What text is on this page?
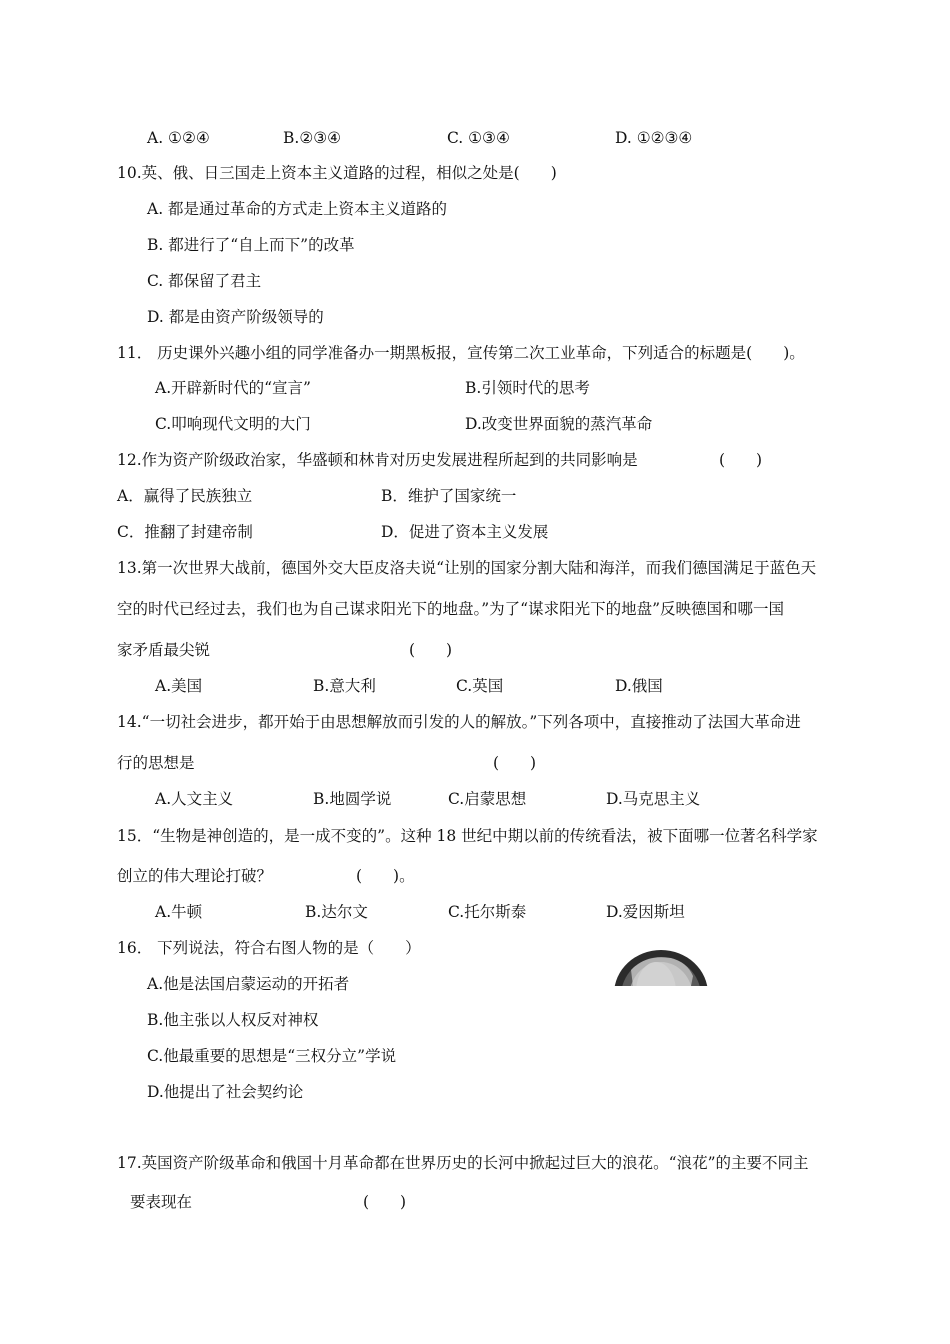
A. ①②④	B.②③④	C. ①③④	D. ①②③④
10.英、俄、日三国走上资本主义道路的过程，相似之处是(　　)
A. 都是通过革命的方式走上资本主义道路的
B. 都进行了“自上而下”的改革
C. 都保留了君主
D. 都是由资产阶级领导的
11． 历史课外兴趣小组的同学准备办一期黑板报，宣传第二次工业革命，下列适合的标题是(　　)。
A.开辟新时代的“宣言”	B.引领时代的思考
C.叩响现代文明的大门	D.改变世界面貌的蒸汽革命
12.作为资产阶级政治家，华盛顿和林肯对历史发展进程所起到的共同影响是	(　　)
A．赢得了民族独立	B．维护了国家统一
C．推翻了封建帝制	D．促进了资本主义发展
13.第一次世界大战前，德国外交大臣皮洛夫说“让别的国家分割大陆和海洋，而我们德国满足于蓝色天
空的时代已经过去，我们也为自己谋求阳光下的地盘。”为了“谋求阳光下的地盘”反映德国和哪一国
家矛盾最尖锐	(　　)
A.美国	B.意大利	C.英国	D.俄国
14.“一切社会进步，都开始于由思想解放而引发的人的解放。”下列各项中，直接推动了法国大革命进
行的思想是	(　　)
A.人文主义	B.地圆学说	C.启蒙思想	D.马克思主义
15．“生物是神创造的，是一成不变的”。这种 18 世纪中期以前的传统看法，被下面哪一位著名科学家
创立的伟大理论打破？	(　　)。
A.牛顿	B.达尔文	C.托尔斯泰	D.爱因斯坦
16． 下列说法，符合右图人物的是（　　）
A.他是法国启蒙运动的开拓者
B.他主张以人权反对神权
C.他最重要的思想是“三权分立”学说
D.他提出了社会契约论
17.英国资产阶级革命和俄国十月革命都在世界历史的长河中掀起过巨大的浪花。“浪花”的主要不同主
要表现在	(　　)
